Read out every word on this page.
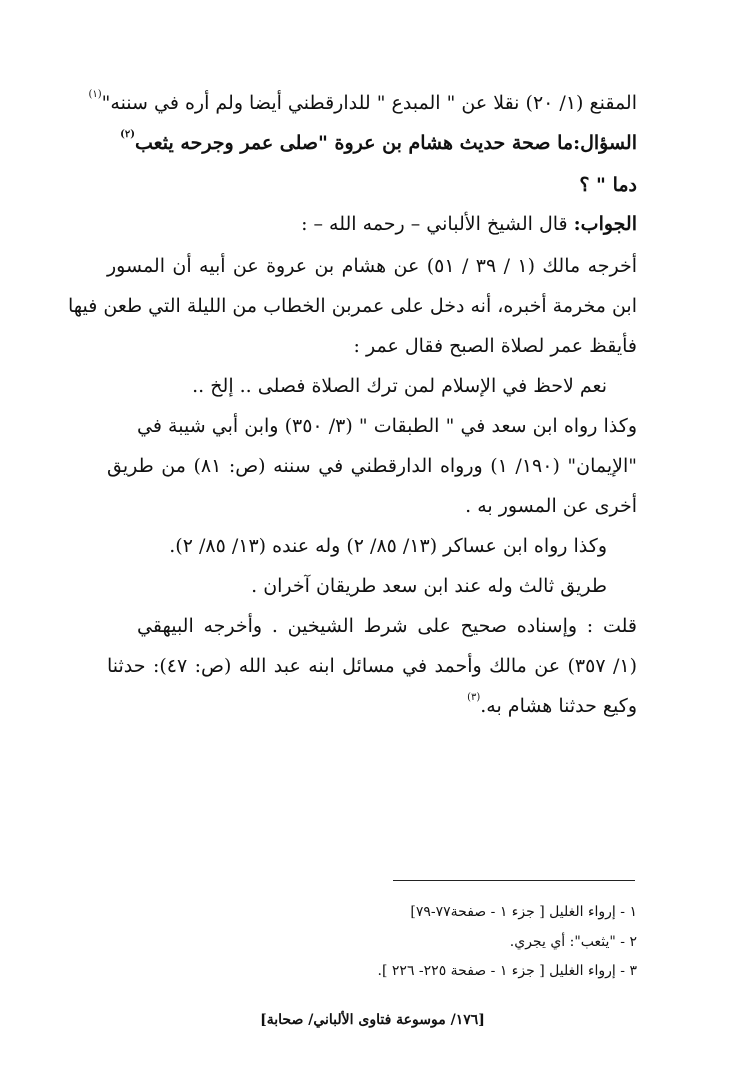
المقنع (١/ ٢٠) نقلا عن " المبدع " للدارقطني أيضا ولم أره في سننه"$^{(١)}$
السؤال:ما صحة حديث هشام بن عروة "صلى عمر وجرحه يثعب$^{(٢)}$
دما " ؟
الجواب: قال الشيخ الألباني – رحمه الله – :
أخرجه مالك (١ / ٣٩ / ٥١) عن هشام بن عروة عن أبيه أن المسور
ابن مخرمة أخبره، أنه دخل على عمربن الخطاب من الليلة التي طعن فيها
فأيقظ عمر لصلاة الصبح فقال عمر :
نعم لاحظ في الإسلام لمن ترك الصلاة فصلى .. إلخ ..
وكذا رواه ابن سعد في " الطبقات " (٣/ ٣٥٠) وابن أبي شيبة في
"الإيمان" (١٩٠/ ١) ورواه الدارقطني في سننه (ص: ٨١) من طريق
أخرى عن المسور به .
وكذا رواه ابن عساكر (١٣/ ٨٥/ ٢) وله عنده (١٣/ ٨٥/ ٢).
طريق ثالث وله عند ابن سعد طريقان آخران .
قلت : وإسناده صحيح على شرط الشيخين . وأخرجه البيهقي
(١/ ٣٥٧) عن مالك وأحمد في مسائل ابنه عبد الله (ص: ٤٧): حدثنا
وكيع حدثنا هشام به.$^{(٣)}$
١ - إرواء الغليل [ جزء ١ - صفحة٧٧-٧٩]
٢ - "يثعب": أي يجري.
٣ - إرواء الغليل [ جزء ١ - صفحة ٢٢٥- ٢٢٦ ].
[١٧٦/ موسوعة فتاوى الألباني/ صحابة]
